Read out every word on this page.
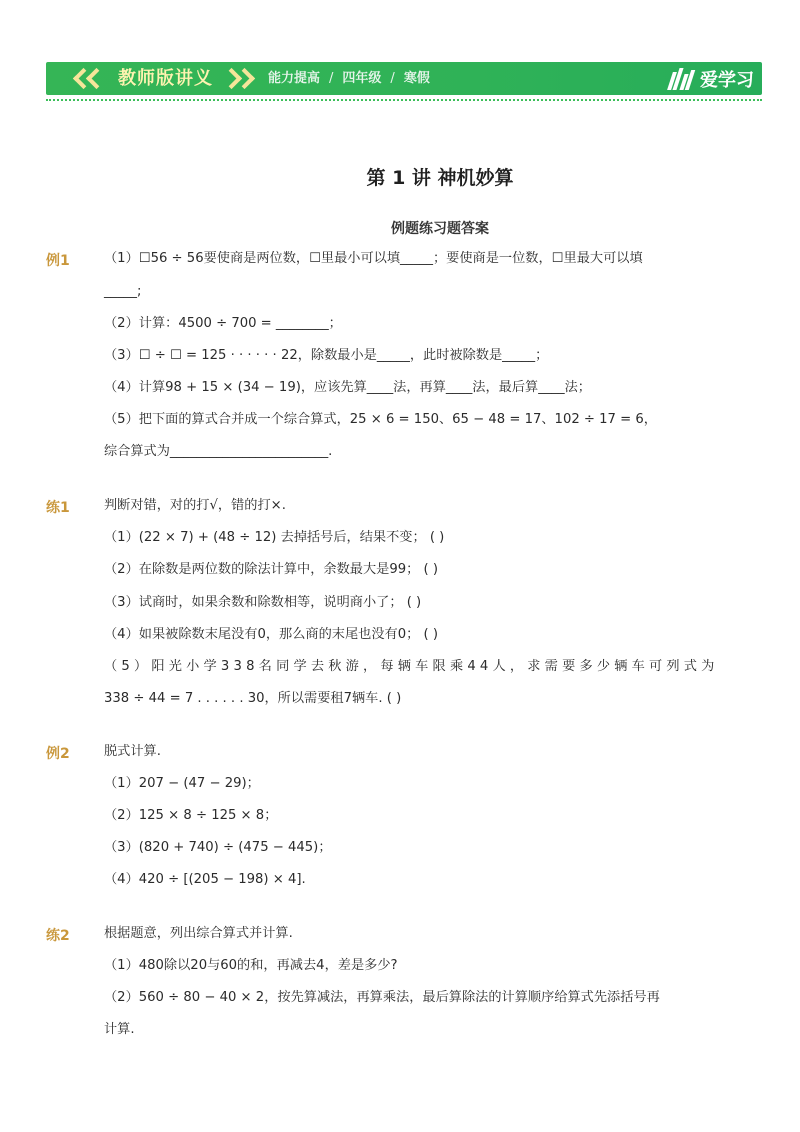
教师版讲义	能力提高 / 四年级 / 寒假	爱学习
第 1 讲 神机妙算
例题练习题答案
例1	（1）☐56 ÷ 56要使商是两位数，☐里最小可以填_____；要使商是一位数，☐里最大可以填
_____;
（2）计算：4500 ÷ 700 = ________；
（3）☐ ÷ ☐ = 125 · · · · · · 22，除数最小是_____，此时被除数是_____；
（4）计算98 + 15 × (34 − 19)，应该先算____法，再算____法，最后算____法；
（5）把下面的算式合并成一个综合算式，25 × 6 = 150、65 − 48 = 17、102 ÷ 17 = 6，
综合算式为________________________.
练1	判断对错，对的打√，错的打×.
（1）(22 × 7) + (48 ÷ 12) 去掉括号后，结果不变； ( )
（2）在除数是两位数的除法计算中，余数最大是99； ( )
（3）试商时，如果余数和除数相等，说明商小了； ( )
（4）如果被除数末尾没有0，那么商的末尾也没有0； ( )
（5）阳光小学338名同学去秋游，每辆车限乘44人，求需要多少辆车可列式为
338 ÷ 44 = 7 . . . . . . 30，所以需要租7辆车. ( )
例2	脱式计算.
（1）207 − (47 − 29)；
（2）125 × 8 ÷ 125 × 8；
（3）(820 + 740) ÷ (475 − 445)；
（4）420 ÷ [(205 − 198) × 4].
练2	根据题意，列出综合算式并计算.
（1）480除以20与60的和，再减去4，差是多少?
（2）560 ÷ 80 − 40 × 2，按先算减法，再算乘法，最后算除法的计算顺序给算式先添括号再
计算.
